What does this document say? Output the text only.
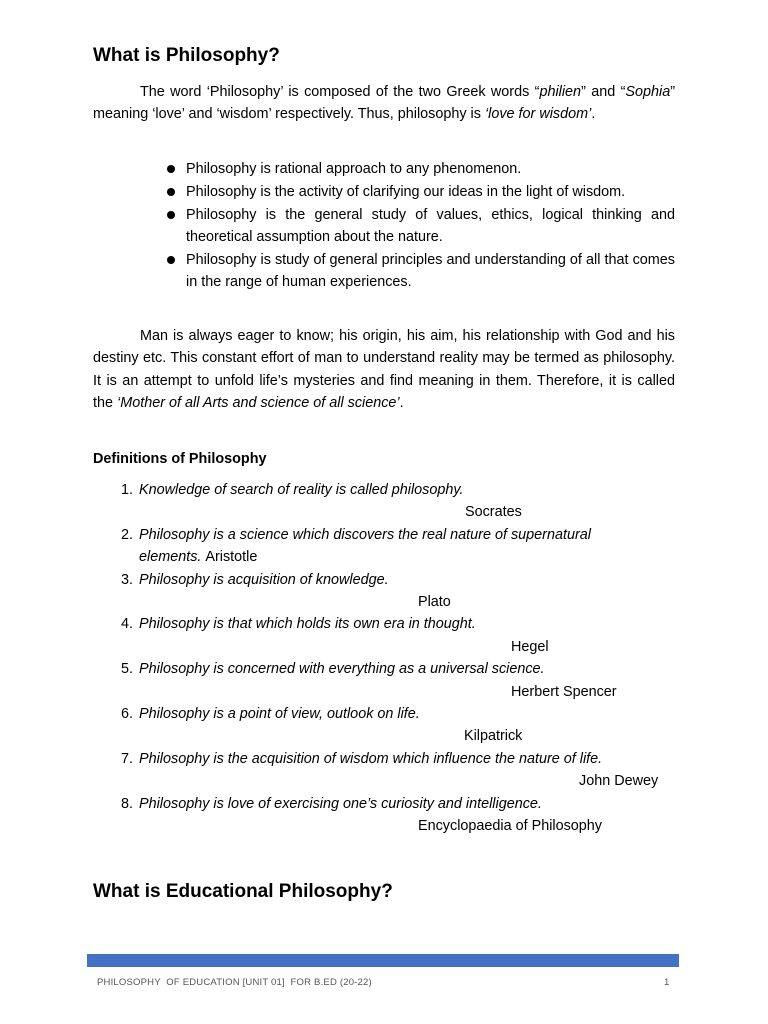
What is Philosophy?

The word ‘Philosophy’ is composed of the two Greek words “philien” and “Sophia” meaning ‘love’ and ‘wisdom’ respectively. Thus, philosophy is ‘love for wisdom’.

Philosophy is rational approach to any phenomenon.
Philosophy is the activity of clarifying our ideas in the light of wisdom.
Philosophy is the general study of values, ethics, logical thinking and theoretical assumption about the nature.
Philosophy is study of general principles and understanding of all that comes in the range of human experiences.

Man is always eager to know; his origin, his aim, his relationship with God and his destiny etc. This constant effort of man to understand reality may be termed as philosophy. It is an attempt to unfold life’s mysteries and find meaning in them. Therefore, it is called the ‘Mother of all Arts and science of all science’.

Definitions of Philosophy
1. Knowledge of search of reality is called philosophy.
Socrates
2. Philosophy is a science which discovers the real nature of supernatural elements. Aristotle
3. Philosophy is acquisition of knowledge.
Plato
4. Philosophy is that which holds its own era in thought.
Hegel
5. Philosophy is concerned with everything as a universal science.
Herbert Spencer
6. Philosophy is a point of view, outlook on life.
Kilpatrick
7. Philosophy is the acquisition of wisdom which influence the nature of life.
John Dewey
8. Philosophy is love of exercising one’s curiosity and intelligence.
Encyclopaedia of Philosophy
What is Educational Philosophy?
PHILOSOPHY  OF EDUCATION [UNIT 01]  FOR B.ED (20-22)	1
